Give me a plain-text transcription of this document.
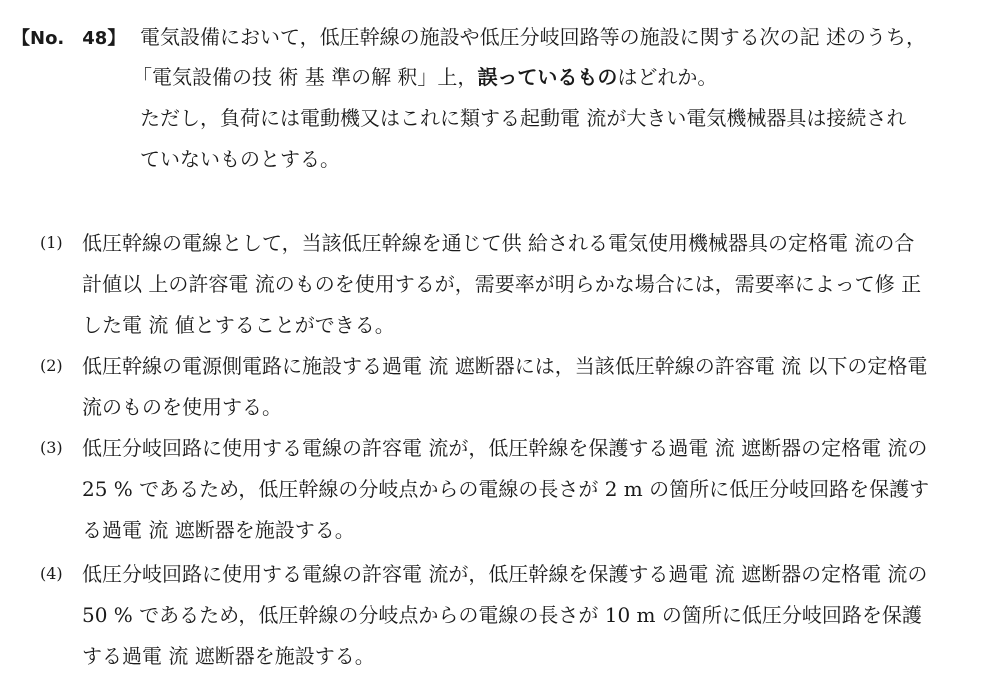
【No.　48】 電気設備において，低圧幹線の施設や低圧分岐回路等の施設に関する次の記 述のうち，
「電気設備の技 術 基 準の解 釈」上，誤っているものはどれか。
ただし，負荷には電動機又はこれに類する起動電 流が大きい電気機械器具は接続され
ていないものとする。
(1) 低圧幹線の電線として，当該低圧幹線を通じて供 給される電気使用機械器具の定格電 流の合
計値以 上の許容電 流のものを使用するが，需要率が明らかな場合には，需要率によって修 正
した電 流 値とすることができる。
(2) 低圧幹線の電源側電路に施設する過電 流 遮断器には，当該低圧幹線の許容電 流 以下の定格電
流のものを使用する。
(3) 低圧分岐回路に使用する電線の許容電 流が，低圧幹線を保護する過電 流 遮断器の定格電 流の
25 % であるため，低圧幹線の分岐点からの電線の長さが 2 m の箇所に低圧分岐回路を保護す
る過電 流 遮断器を施設する。
(4) 低圧分岐回路に使用する電線の許容電 流が，低圧幹線を保護する過電 流 遮断器の定格電 流の
50 % であるため，低圧幹線の分岐点からの電線の長さが 10 m の箇所に低圧分岐回路を保護
する過電 流 遮断器を施設する。
